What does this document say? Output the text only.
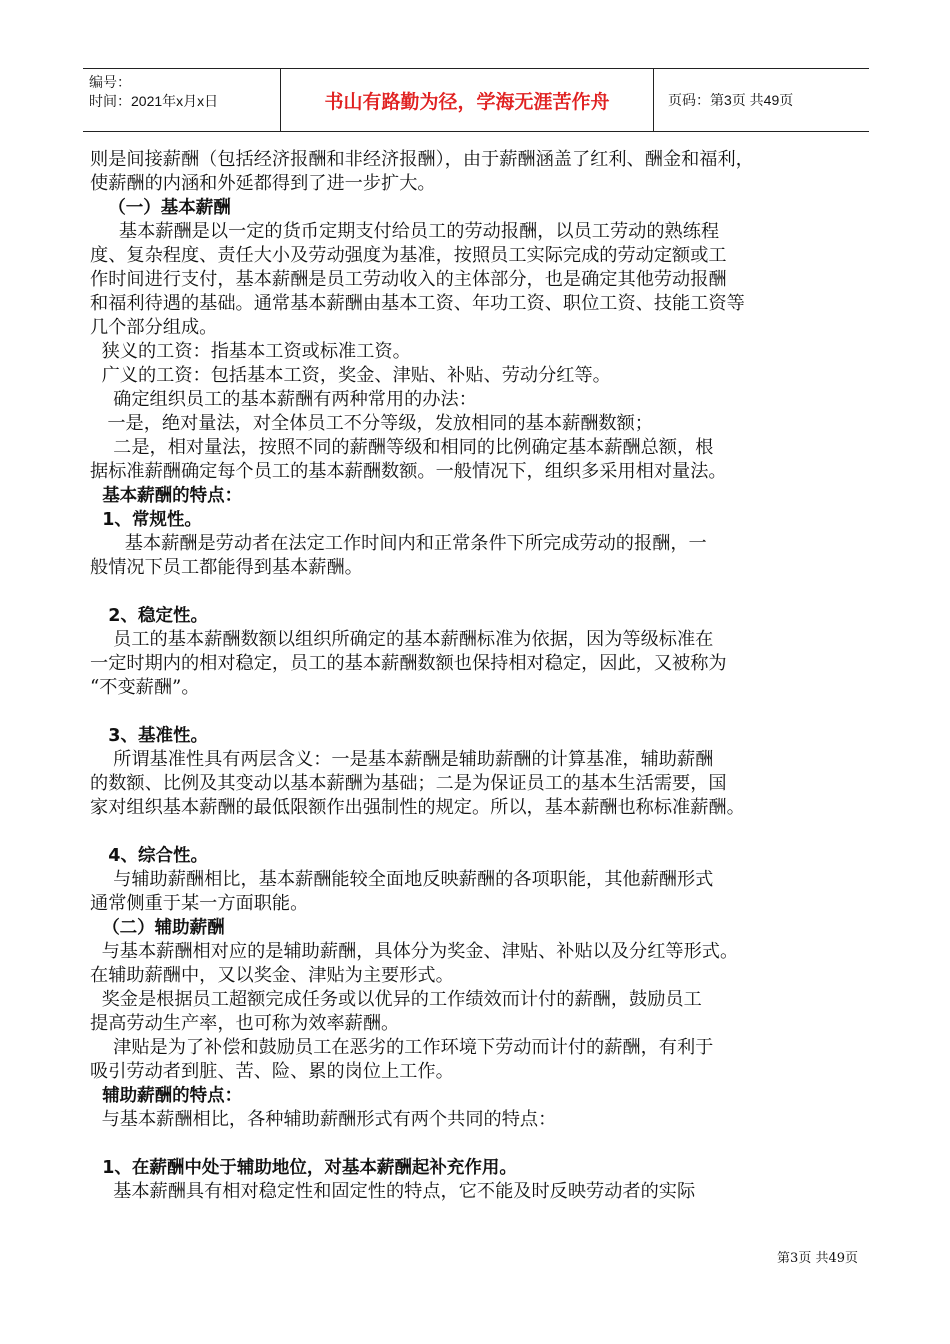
编号：
时间：2021年x月x日	书山有路勤为径，学海无涯苦作舟	页码：第3页 共49页

则是间接薪酬（包括经济报酬和非经济报酬），由于薪酬涵盖了红利、酬金和福利，

使薪酬的内涵和外延都得到了进一步扩大。

（一）基本薪酬

基本薪酬是以一定的货币定期支付给员工的劳动报酬，以员工劳动的熟练程

度、复杂程度、责任大小及劳动强度为基准，按照员工实际完成的劳动定额或工

作时间进行支付，基本薪酬是员工劳动收入的主体部分，也是确定其他劳动报酬

和福利待遇的基础。通常基本薪酬由基本工资、年功工资、职位工资、技能工资等

几个部分组成。

狭义的工资：指基本工资或标准工资。

广义的工资：包括基本工资，奖金、津贴、补贴、劳动分红等。

确定组织员工的基本薪酬有两种常用的办法：

一是，绝对量法，对全体员工不分等级，发放相同的基本薪酬数额；

二是，相对量法，按照不同的薪酬等级和相同的比例确定基本薪酬总额，根

据标准薪酬确定每个员工的基本薪酬数额。一般情况下，组织多采用相对量法。

基本薪酬的特点：

1、常规性。

基本薪酬是劳动者在法定工作时间内和正常条件下所完成劳动的报酬，一

般情况下员工都能得到基本薪酬。

2、稳定性。

员工的基本薪酬数额以组织所确定的基本薪酬标准为依据，因为等级标准在

一定时期内的相对稳定，员工的基本薪酬数额也保持相对稳定，因此，又被称为

“不变薪酬”。

3、基准性。

所谓基准性具有两层含义：一是基本薪酬是辅助薪酬的计算基准，辅助薪酬

的数额、比例及其变动以基本薪酬为基础；二是为保证员工的基本生活需要，国

家对组织基本薪酬的最低限额作出强制性的规定。所以，基本薪酬也称标准薪酬。

4、综合性。

与辅助薪酬相比，基本薪酬能较全面地反映薪酬的各项职能，其他薪酬形式

通常侧重于某一方面职能。

（二）辅助薪酬

与基本薪酬相对应的是辅助薪酬，具体分为奖金、津贴、补贴以及分红等形式。

在辅助薪酬中，又以奖金、津贴为主要形式。

奖金是根据员工超额完成任务或以优异的工作绩效而计付的薪酬，鼓励员工

提高劳动生产率，也可称为效率薪酬。

津贴是为了补偿和鼓励员工在恶劣的工作环境下劳动而计付的薪酬，有利于

吸引劳动者到脏、苦、险、累的岗位上工作。

辅助薪酬的特点：

与基本薪酬相比，各种辅助薪酬形式有两个共同的特点：

1、在薪酬中处于辅助地位，对基本薪酬起补充作用。

基本薪酬具有相对稳定性和固定性的特点，它不能及时反映劳动者的实际

第3页 共49页
